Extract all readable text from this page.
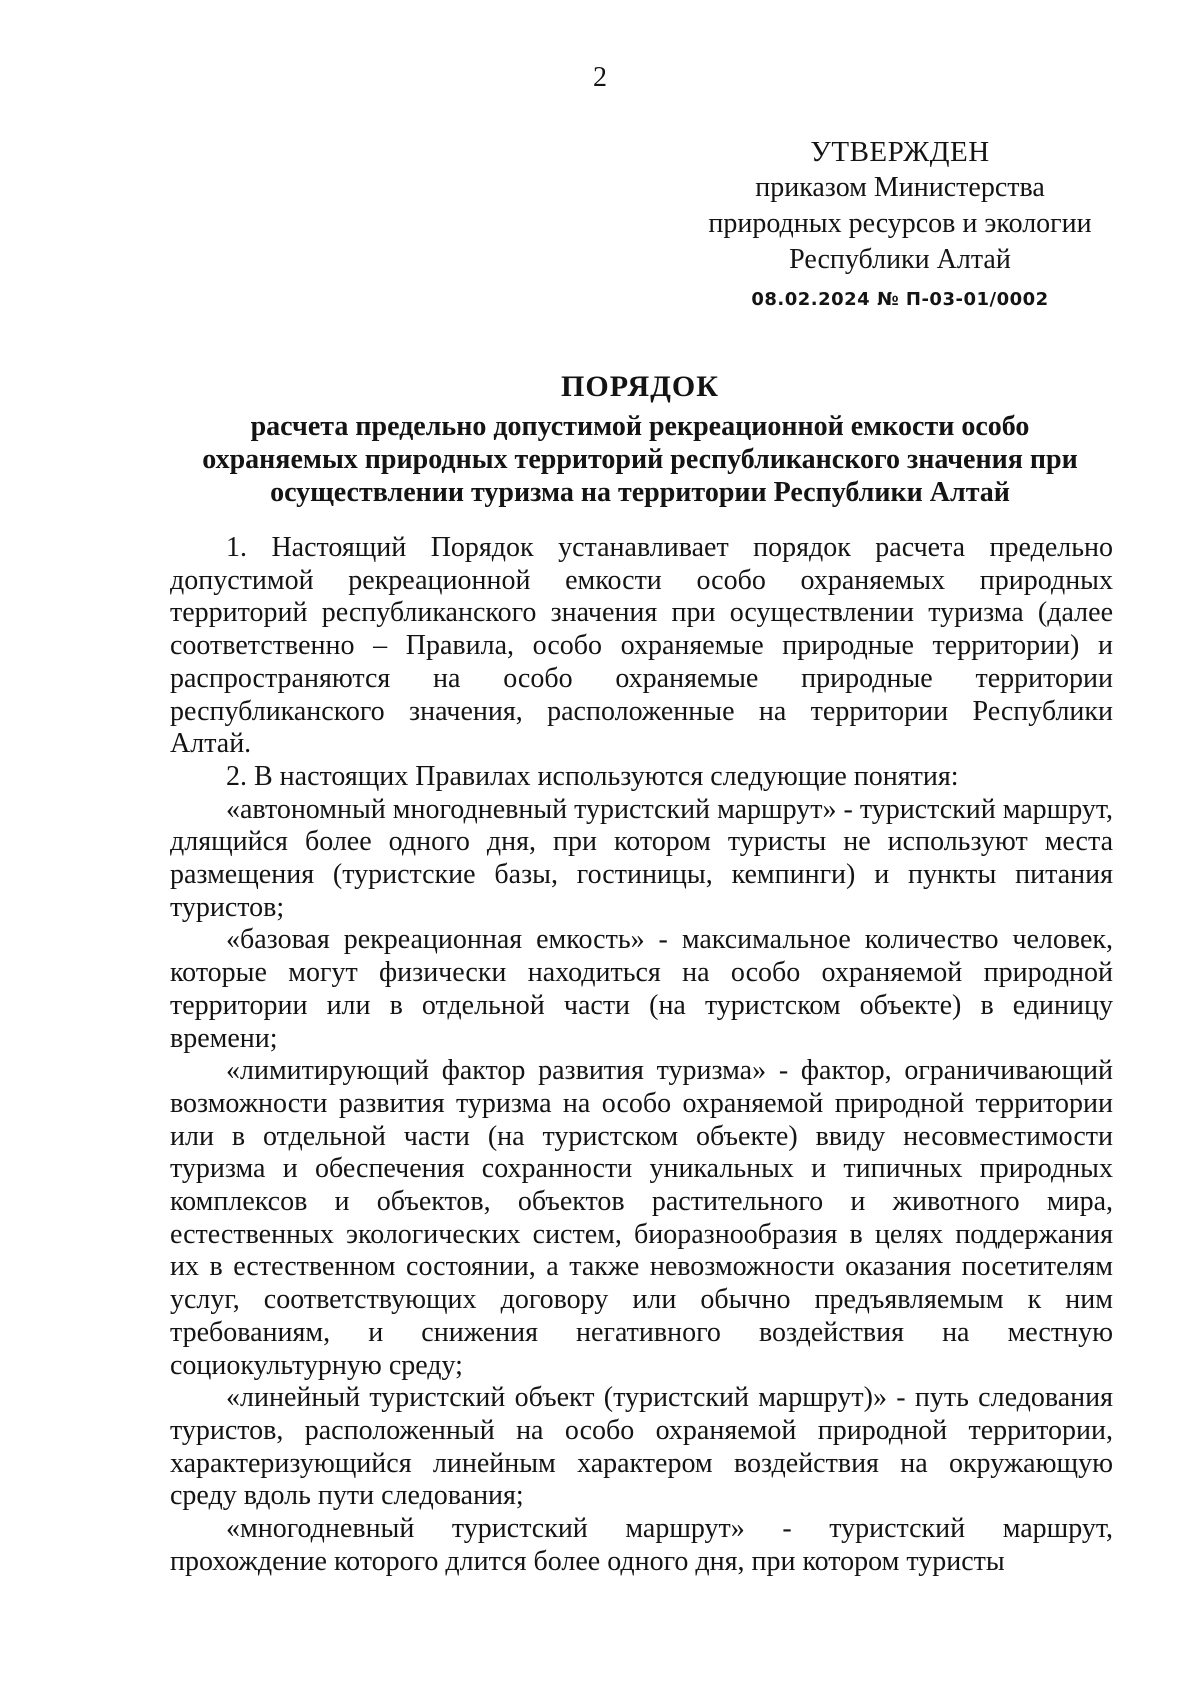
2
УТВЕРЖДЕН
приказом Министерства
природных ресурсов и экологии
Республики Алтай
08.02.2024 № П-03-01/0002
ПОРЯДОК
расчета предельно допустимой рекреационной емкости особо
охраняемых природных территорий республиканского значения при
осуществлении туризма на территории Республики Алтай

1. Настоящий Порядок устанавливает порядок расчета предельно допустимой рекреационной емкости особо охраняемых природных территорий республиканского значения при осуществлении туризма (далее соответственно – Правила, особо охраняемые природные территории) и распространяются на особо охраняемые природные территории республиканского значения, расположенные на территории Республики Алтай.

2. В настоящих Правилах используются следующие понятия:

«автономный многодневный туристский маршрут» - туристский маршрут, длящийся более одного дня, при котором туристы не используют места размещения (туристские базы, гостиницы, кемпинги) и пункты питания туристов;

«базовая рекреационная емкость» - максимальное количество человек, которые могут физически находиться на особо охраняемой природной территории или в отдельной части (на туристском объекте) в единицу времени;

«лимитирующий фактор развития туризма» - фактор, ограничивающий возможности развития туризма на особо охраняемой природной территории или в отдельной части (на туристском объекте) ввиду несовместимости туризма и обеспечения сохранности уникальных и типичных природных комплексов и объектов, объектов растительного и животного мира, естественных экологических систем, биоразнообразия в целях поддержания их в естественном состоянии, а также невозможности оказания посетителям услуг, соответствующих договору или обычно предъявляемым к ним требованиям, и снижения негативного воздействия на местную социокультурную среду;

«линейный туристский объект (туристский маршрут)» - путь следования туристов, расположенный на особо охраняемой природной территории, характеризующийся линейным характером воздействия на окружающую среду вдоль пути следования;

«многодневный туристский маршрут» - туристский маршрут, прохождение которого длится более одного дня, при котором туристы
